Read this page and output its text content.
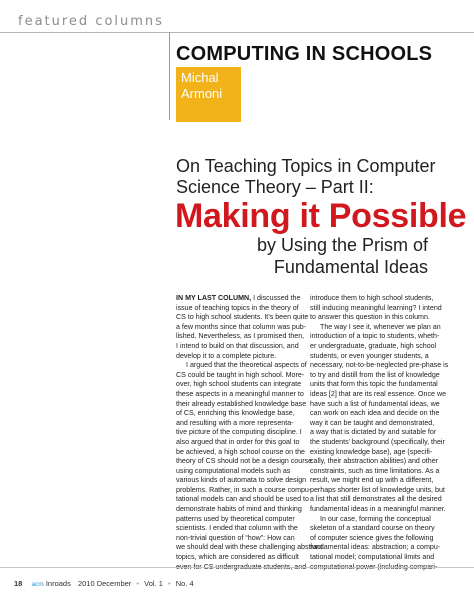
featured columns
COMPUTING IN SCHOOLS
Michal
Armoni
On Teaching Topics in Computer
Science Theory – Part II:
Making it Possible
by Using the Prism of
Fundamental Ideas
IN MY LAST COLUMN, I discussed the
issue of teaching topics in the theory of
CS to high school students. It’s been quite
a few months since that column was pub-
lished. Nevertheless, as I promised then,
I intend to build on that discussion, and
develop it to a complete picture.
I argued that the theoretical aspects of
CS could be taught in high school. More-
over, high school students can integrate
these aspects in a meaningful manner to
their already established knowledge base
of CS, enriching this knowledge base,
and resulting with a more representa-
tive picture of the computing discipline. I
also argued that in order for this goal to
be achieved, a high school course on the
theory of CS should not be a design course
using computational models such as
various kinds of automata to solve design
problems. Rather, in such a course compu-
tational models can and should be used to
demonstrate habits of mind and thinking
patterns used by theoretical computer
scientists. I ended that column with the
non-trivial question of “how”: How can
we should deal with these challenging abstract
topics, which are considered as difficult
even for CS undergraduate students, and
introduce them to high school students,
still inducing meaningful learning? I intend
to answer this question in this column.
The way I see it, whenever we plan an
introduction of a topic to students, wheth-
er undergraduate, graduate, high school
students, or even younger students, a
necessary, not-to-be-neglected pre-phase is
to try and distill from the list of knowledge
units that form this topic the fundamental
ideas [2] that are its real essence. Once we
have such a list of fundamental ideas, we
can work on each idea and decide on the
way it can be taught and demonstrated,
a way that is dictated by and suitable for
the students’ background (specifically, their
existing knowledge base), age (specifi-
cally, their abstraction abilities) and other
constraints, such as time limitations. As a
result, we might end up with a different,
perhaps shorter list of knowledge units, but
a list that still demonstrates all the desired
fundamental ideas in a meaningful manner.
In our case, forming the conceptual
skeleton of a standard course on theory
of computer science gives the following
fundamental ideas: abstraction; a compu-
tational model; computational limits and
computational power (including compari-
18 acm Inroads 2010 December • Vol. 1 • No. 4
